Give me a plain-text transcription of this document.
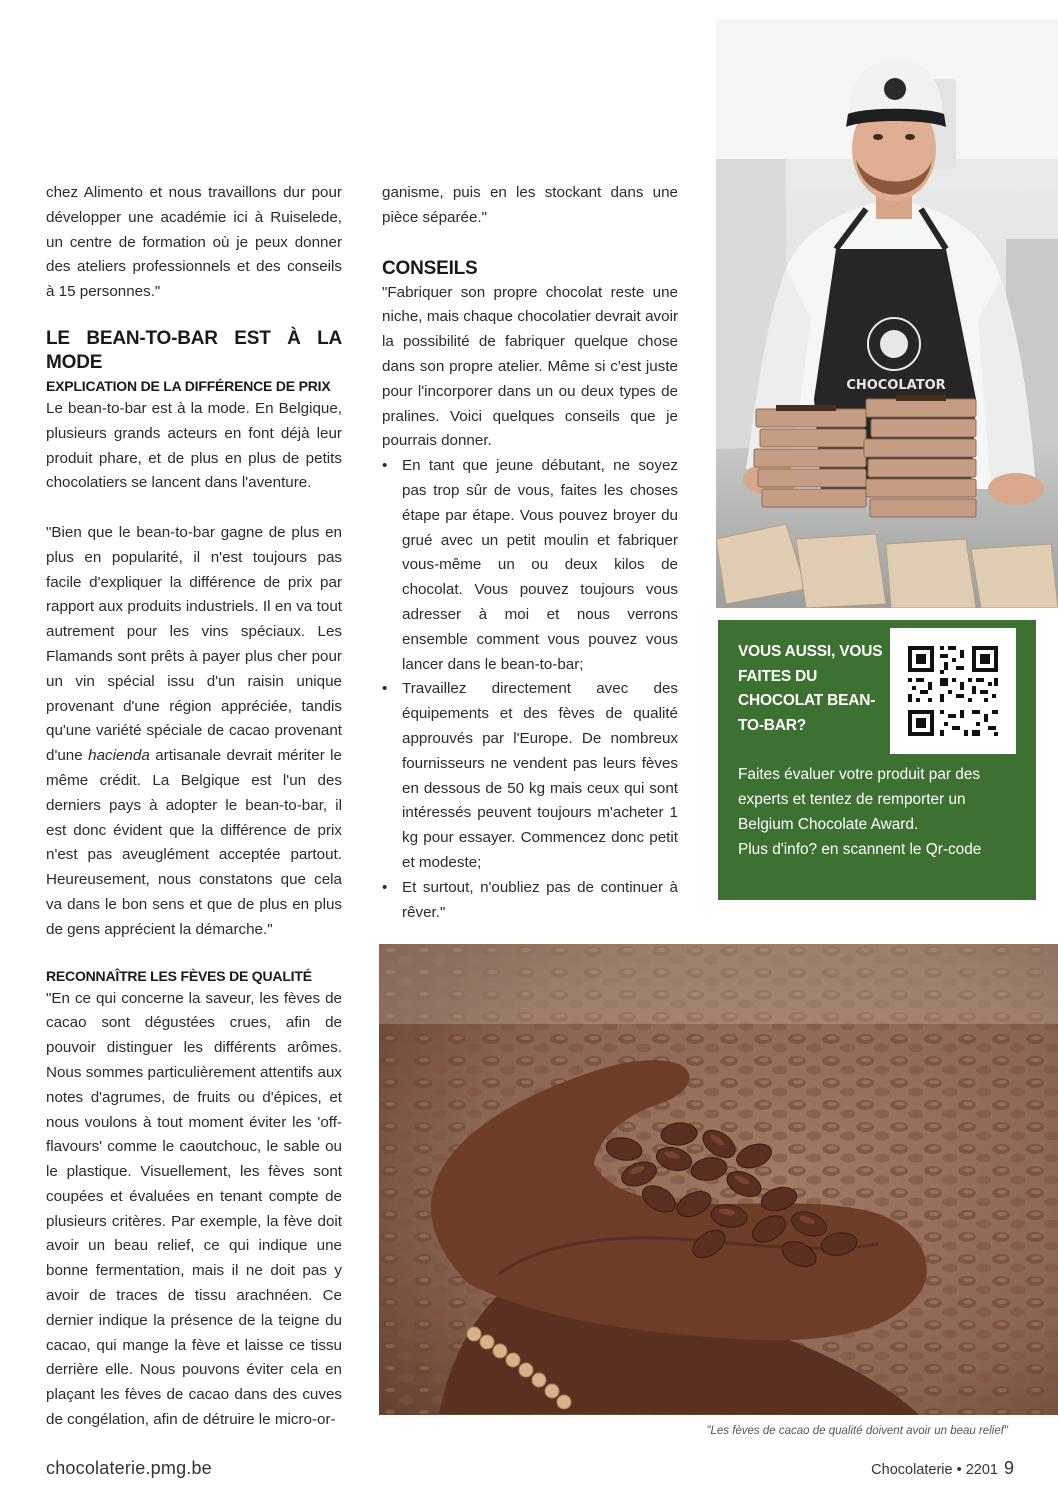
chez Alimento et nous travaillons dur pour développer une académie ici à Ruiselede, un centre de formation où je peux donner des ateliers professionnels et des conseils à 15 personnes."

LE BEAN-TO-BAR EST À LA MODE
EXPLICATION DE LA DIFFÉRENCE DE PRIX

Le bean-to-bar est à la mode. En Belgique, plusieurs grands acteurs en font déjà leur produit phare, et de plus en plus de petits chocolatiers se lancent dans l'aventure.

"Bien que le bean-to-bar gagne de plus en plus en popularité, il n'est toujours pas facile d'expliquer la différence de prix par rapport aux produits industriels. Il en va tout autrement pour les vins spéciaux. Les Flamands sont prêts à payer plus cher pour un vin spécial issu d'un raisin unique provenant d'une région appréciée, tandis qu'une variété spéciale de cacao provenant d'une hacienda artisanale devrait mériter le même crédit. La Belgique est l'un des derniers pays à adopter le bean-to-bar, il est donc évident que la différence de prix n'est pas aveuglément acceptée partout. Heureusement, nous constatons que cela va dans le bon sens et que de plus en plus de gens apprécient la démarche."

RECONNAÎTRE LES FÈVES DE QUALITÉ

"En ce qui concerne la saveur, les fèves de cacao sont dégustées crues, afin de pouvoir distinguer les différents arômes. Nous sommes particulièrement attentifs aux notes d'agrumes, de fruits ou d'épices, et nous voulons à tout moment éviter les 'off-flavours' comme le caoutchouc, le sable ou le plastique. Visuellement, les fèves sont coupées et évaluées en tenant compte de plusieurs critères. Par exemple, la fève doit avoir un beau relief, ce qui indique une bonne fermentation, mais il ne doit pas y avoir de traces de tissu arachnéen. Ce dernier indique la présence de la teigne du cacao, qui mange la fève et laisse ce tissu derrière elle. Nous pouvons éviter cela en plaçant les fèves de cacao dans des cuves de congélation, afin de détruire le micro-or-

ganisme, puis en les stockant dans une pièce séparée."

CONSEILS

"Fabriquer son propre chocolat reste une niche, mais chaque chocolatier devrait avoir la possibilité de fabriquer quelque chose dans son propre atelier. Même si c'est juste pour l'incorporer dans un ou deux types de pralines. Voici quelques conseils que je pourrais donner.

• En tant que jeune débutant, ne soyez pas trop sûr de vous, faites les choses étape par étape. Vous pouvez broyer du grué avec un petit moulin et fabriquer vous-même un ou deux kilos de chocolat. Vous pouvez toujours vous adresser à moi et nous verrons ensemble comment vous pouvez vous lancer dans le bean-to-bar;
• Travaillez directement avec des équipements et des fèves de qualité approuvés par l'Europe. De nombreux fournisseurs ne vendent pas leurs fèves en dessous de 50 kg mais ceux qui sont intéressés peuvent toujours m'acheter 1 kg pour essayer. Commencez donc petit et modeste;
• Et surtout, n'oubliez pas de continuer à rêver."
CHOCOLATOR
VOUS AUSSI, VOUS FAITES DU CHOCOLAT BEAN-TO-BAR?
Faites évaluer votre produit par des experts et tentez de remporter un Belgium Chocolate Award.
Plus d'info? en scannent le Qr-code
"Les fèves de cacao de qualité doivent avoir un beau relief"
chocolaterie.pmg.be	Chocolaterie • 2201 9
